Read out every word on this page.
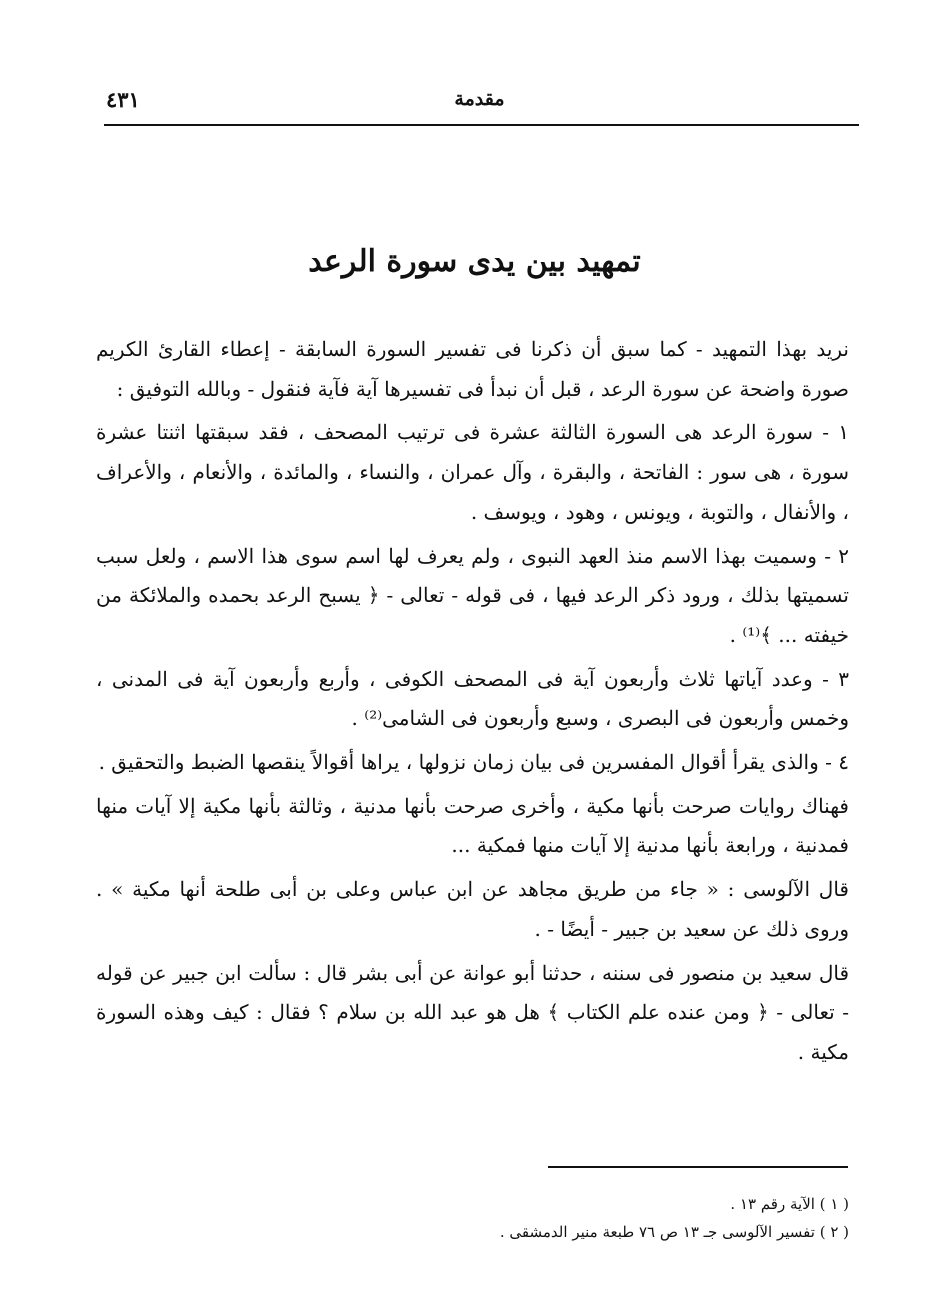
مقدمة
٤٣١
تمهيد بين يدى سورة الرعد

نريد بهذا التمهيد - كما سبق أن ذكرنا فى تفسير السورة السابقة - إعطاء القارئ الكريم صورة واضحة عن سورة الرعد ، قبل أن نبدأ فى تفسيرها آية فآية فنقول - وبالله التوفيق :

١ - سورة الرعد هى السورة الثالثة عشرة فى ترتيب المصحف ، فقد سبقتها اثنتا عشرة سورة ، هى سور : الفاتحة ، والبقرة ، وآل عمران ، والنساء ، والمائدة ، والأنعام ، والأعراف ، والأنفال ، والتوبة ، ويونس ، وهود ، ويوسف .

٢ - وسميت بهذا الاسم منذ العهد النبوى ، ولم يعرف لها اسم سوى هذا الاسم ، ولعل سبب تسميتها بذلك ، ورود ذكر الرعد فيها ، فى قوله - تعالى - ﴿ يسبح الرعد بحمده والملائكة من خيفته ... ﴾⁽¹⁾ .

٣ - وعدد آياتها ثلاث وأربعون آية فى المصحف الكوفى ، وأربع وأربعون آية فى المدنى ، وخمس وأربعون فى البصرى ، وسبع وأربعون فى الشامى⁽²⁾ .

٤ - والذى يقرأ أقوال المفسرين فى بيان زمان نزولها ، يراها أقوالاً ينقصها الضبط والتحقيق .

فهناك روايات صرحت بأنها مكية ، وأخرى صرحت بأنها مدنية ، وثالثة بأنها مكية إلا آيات منها فمدنية ، ورابعة بأنها مدنية إلا آيات منها فمكية ...

قال الآلوسى : « جاء من طريق مجاهد عن ابن عباس وعلى بن أبى طلحة أنها مكية » . وروى ذلك عن سعيد بن جبير - أيضًا - .

قال سعيد بن منصور فى سننه ، حدثنا أبو عوانة عن أبى بشر قال : سألت ابن جبير عن قوله - تعالى - ﴿ ومن عنده علم الكتاب ﴾ هل هو عبد الله بن سلام ؟ فقال : كيف وهذه السورة مكية .

( ١ ) الآية رقم ١٣ .

( ٢ ) تفسير الآلوسى جـ ١٣ ص ٧٦ طبعة منير الدمشقى .
